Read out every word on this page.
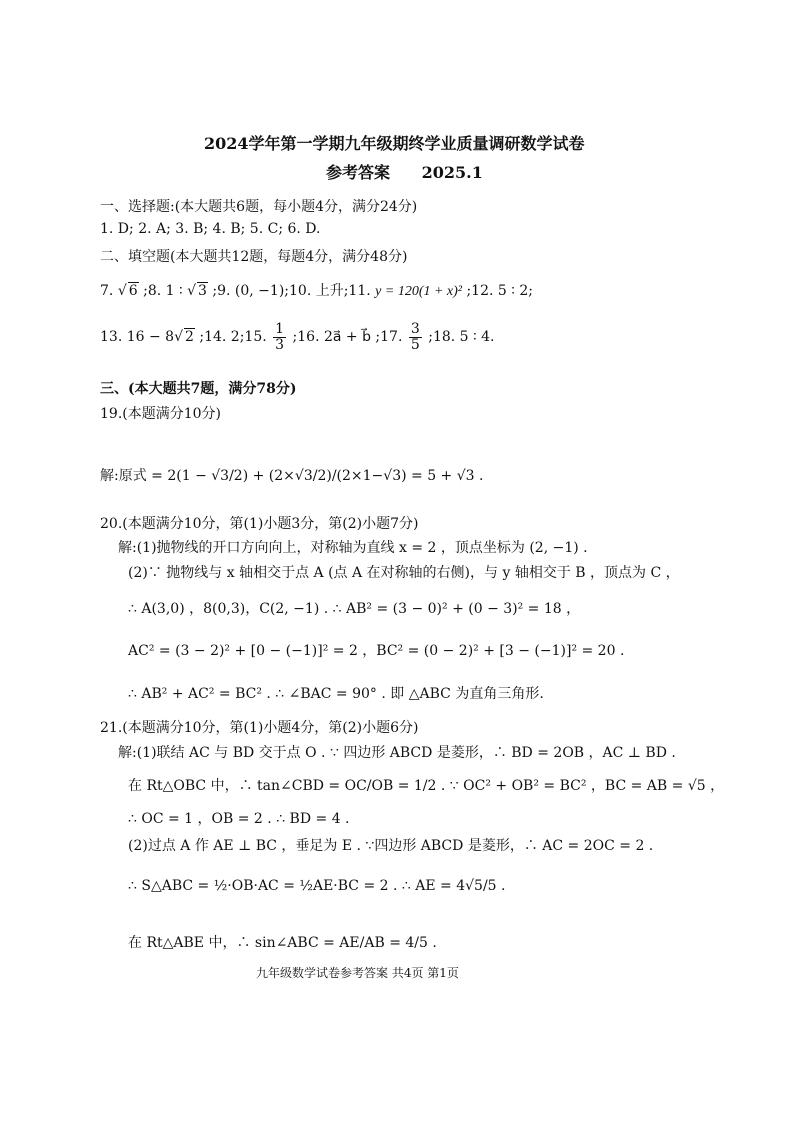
2024学年第一学期九年级期终学业质量调研数学试卷
参考答案 2025.1
一、选择题:(本大题共6题，每小题4分，满分24分)
1. D; 2. A; 3. B; 4. B; 5. C; 6. D.
二、填空题(本大题共12题，每题4分，满分48分)
7. √ 6 ;8. 1 ∶ √ 3 ;9. (0, −1);10. 上升;11. y = 120(1 + x)² ;12. 5 ∶ 2;
13. 16 − 8√ 2 ;14. 2;15. $\frac{1}{3}$ ;16. 2a⃗ + b⃗ ;17. $\frac{3}{5}$ ;18. 5 ∶ 4.
三、(本大题共7题，满分78分)
19.(本题满分10分)
解:原式 = 2(1 − √3/2) + (2×√3/2)/(2×1−√3) = 5 + √3 .
20.(本题满分10分，第(1)小题3分，第(2)小题7分)
解:(1)抛物线的开口方向向上，对称轴为直线 x = 2 ，顶点坐标为 (2, −1) .
(2)∵ 抛物线与 x 轴相交于点 A (点 A 在对称轴的右侧)，与 y 轴相交于 B ，顶点为 C ，
∴ A(3,0) ，8(0,3)，C(2, −1) . ∴ AB² = (3 − 0)² + (0 − 3)² = 18 ，
AC² = (3 − 2)² + [0 − (−1)]² = 2 ，BC² = (0 − 2)² + [3 − (−1)]² = 20 .
∴ AB² + AC² = BC² . ∴ ∠BAC = 90° . 即 △ABC 为直角三角形.
21.(本题满分10分，第(1)小题4分，第(2)小题6分)
解:(1)联结 AC 与 BD 交于点 O . ∵ 四边形 ABCD 是菱形，∴ BD = 2OB ，AC ⊥ BD .
在 Rt△OBC 中，∴ tan∠CBD = OC/OB = 1/2 . ∵ OC² + OB² = BC² ，BC = AB = √5 ，
∴ OC = 1 ，OB = 2 . ∴ BD = 4 .
(2)过点 A 作 AE ⊥ BC ，垂足为 E . ∵四边形 ABCD 是菱形，∴ AC = 2OC = 2 .
∴ S△ABC = ½·OB·AC = ½AE·BC = 2 . ∴ AE = 4√5/5 .
在 Rt△ABE 中，∴ sin∠ABC = AE/AB = 4/5 .
九年级数学试卷参考答案 共4页 第1页
